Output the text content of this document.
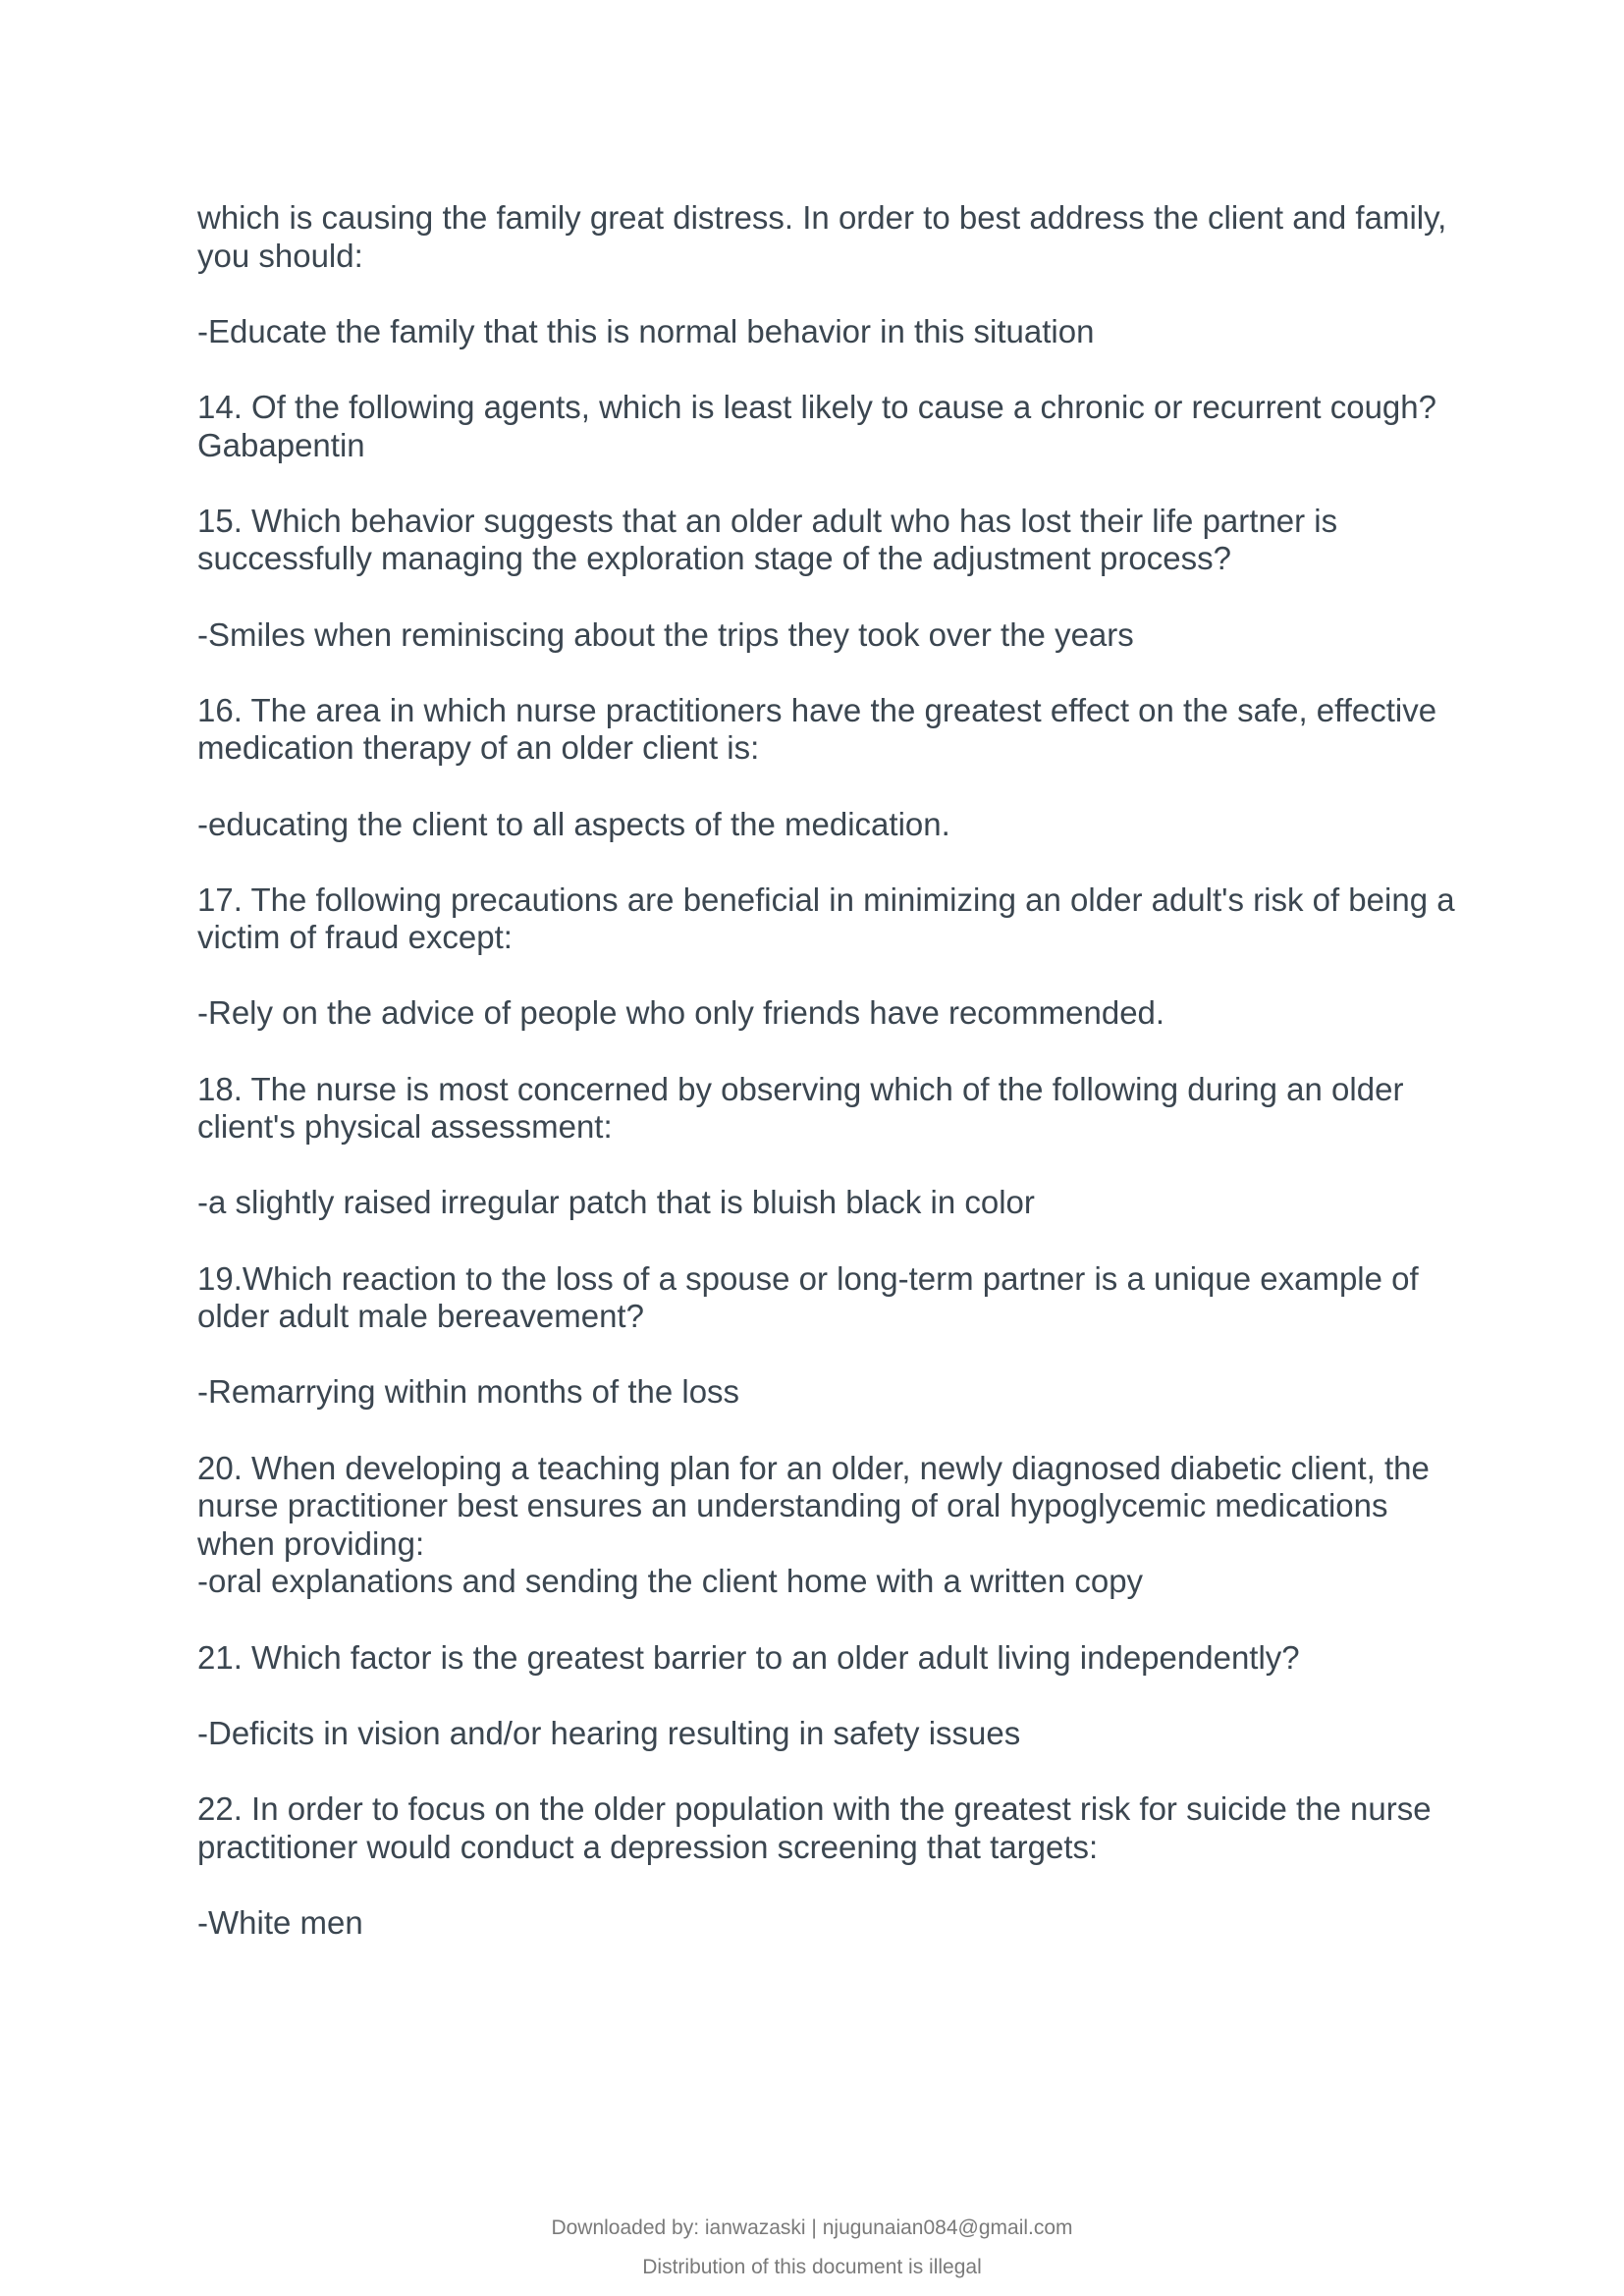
which is causing the family great distress. In order to best address the client and family,
you should:
-Educate the family that this is normal behavior in this situation
14. Of the following agents, which is least likely to cause a chronic or recurrent cough?
Gabapentin
15. Which behavior suggests that an older adult who has lost their life partner is
successfully managing the exploration stage of the adjustment process?
-Smiles when reminiscing about the trips they took over the years
16. The area in which nurse practitioners have the greatest effect on the safe, effective
medication therapy of an older client is:
-educating the client to all aspects of the medication.
17. The following precautions are beneficial in minimizing an older adult's risk of being a
victim of fraud except:
-Rely on the advice of people who only friends have recommended.
18. The nurse is most concerned by observing which of the following during an older
client's physical assessment:
-a slightly raised irregular patch that is bluish black in color
19.Which reaction to the loss of a spouse or long-term partner is a unique example of
older adult male bereavement?
-Remarrying within months of the loss
20. When developing a teaching plan for an older, newly diagnosed diabetic client, the
nurse practitioner best ensures an understanding of oral hypoglycemic medications
when providing:
-oral explanations and sending the client home with a written copy
21. Which factor is the greatest barrier to an older adult living independently?
-Deficits in vision and/or hearing resulting in safety issues
22. In order to focus on the older population with the greatest risk for suicide the nurse
practitioner would conduct a depression screening that targets:
-White men
Downloaded by: ianwazaski | njugunaian084@gmail.com
Distribution of this document is illegal
